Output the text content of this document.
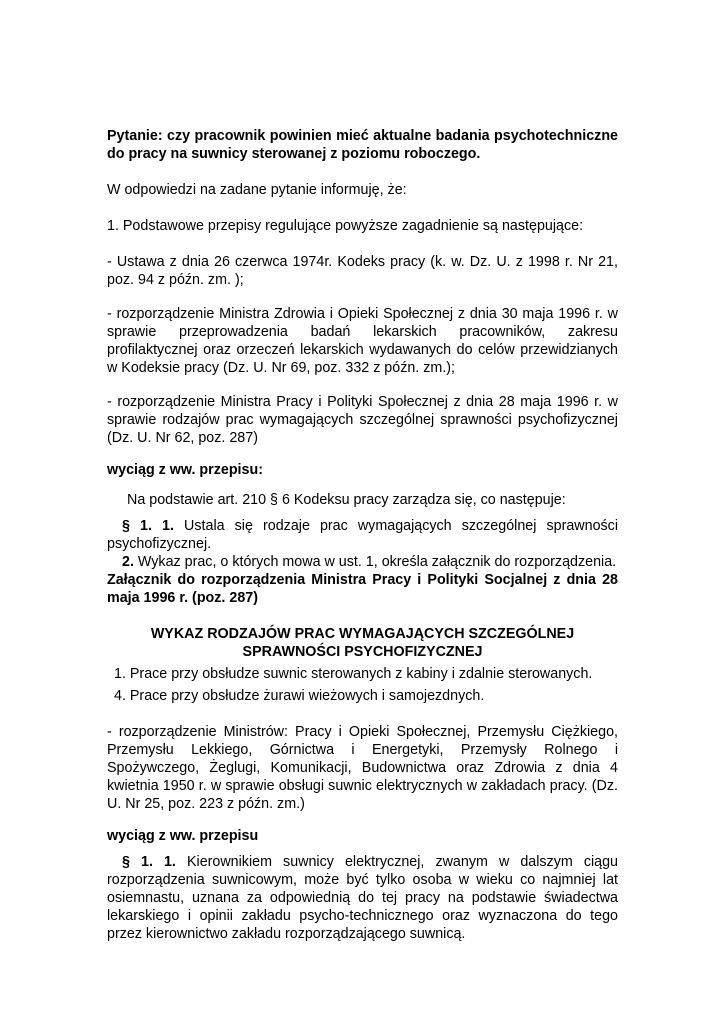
Pytanie: czy pracownik powinien mieć aktualne badania psychotechniczne do pracy na suwnicy sterowanej z poziomu roboczego.

W odpowiedzi na zadane pytanie informuję, że:

1. Podstawowe przepisy regulujące powyższe zagadnienie są następujące:

- Ustawa z dnia 26 czerwca 1974r. Kodeks pracy (k. w. Dz. U. z 1998 r. Nr 21, poz. 94 z późn. zm. );

- rozporządzenie Ministra Zdrowia i Opieki Społecznej z dnia 30 maja 1996 r. w sprawie przeprowadzenia badań lekarskich pracowników, zakresu profilaktycznej oraz orzeczeń lekarskich wydawanych do celów przewidzianych w Kodeksie pracy (Dz. U. Nr 69, poz. 332 z późn. zm.);

- rozporządzenie Ministra Pracy i Polityki Społecznej z dnia 28 maja 1996 r. w sprawie rodzajów prac wymagających szczególnej sprawności psychofizycznej (Dz. U. Nr 62, poz. 287)

wyciąg z ww. przepisu:

Na podstawie art. 210 § 6 Kodeksu pracy zarządza się, co następuje:

§ 1. 1. Ustala się rodzaje prac wymagających szczególnej sprawności psychofizycznej.

2. Wykaz prac, o których mowa w ust. 1, określa załącznik do rozporządzenia.

Załącznik do rozporządzenia Ministra Pracy i Polityki Socjalnej z dnia 28 maja 1996 r. (poz. 287)

WYKAZ RODZAJÓW PRAC WYMAGAJĄCYCH SZCZEGÓLNEJ SPRAWNOŚCI PSYCHOFIZYCZNEJ

1. Prace przy obsłudze suwnic sterowanych z kabiny i zdalnie sterowanych.

4. Prace przy obsłudze żurawi wieżowych i samojezdnych.

- rozporządzenie Ministrów: Pracy i Opieki Społecznej, Przemysłu Ciężkiego, Przemysłu Lekkiego, Górnictwa i Energetyki, Przemysły Rolnego i Spożywczego, Żeglugi, Komunikacji, Budownictwa oraz Zdrowia z dnia 4 kwietnia 1950 r. w sprawie obsługi suwnic elektrycznych w zakładach pracy. (Dz. U. Nr 25, poz. 223 z późn. zm.)

wyciąg z ww. przepisu

§ 1. 1. Kierownikiem suwnicy elektrycznej, zwanym w dalszym ciągu rozporządzenia suwnicowym, może być tylko osoba w wieku co najmniej lat osiemnastu, uznana za odpowiednią do tej pracy na podstawie świadectwa lekarskiego i opinii zakładu psycho-technicznego oraz wyznaczona do tego przez kierownictwo zakładu rozporządzającego suwnicą.
